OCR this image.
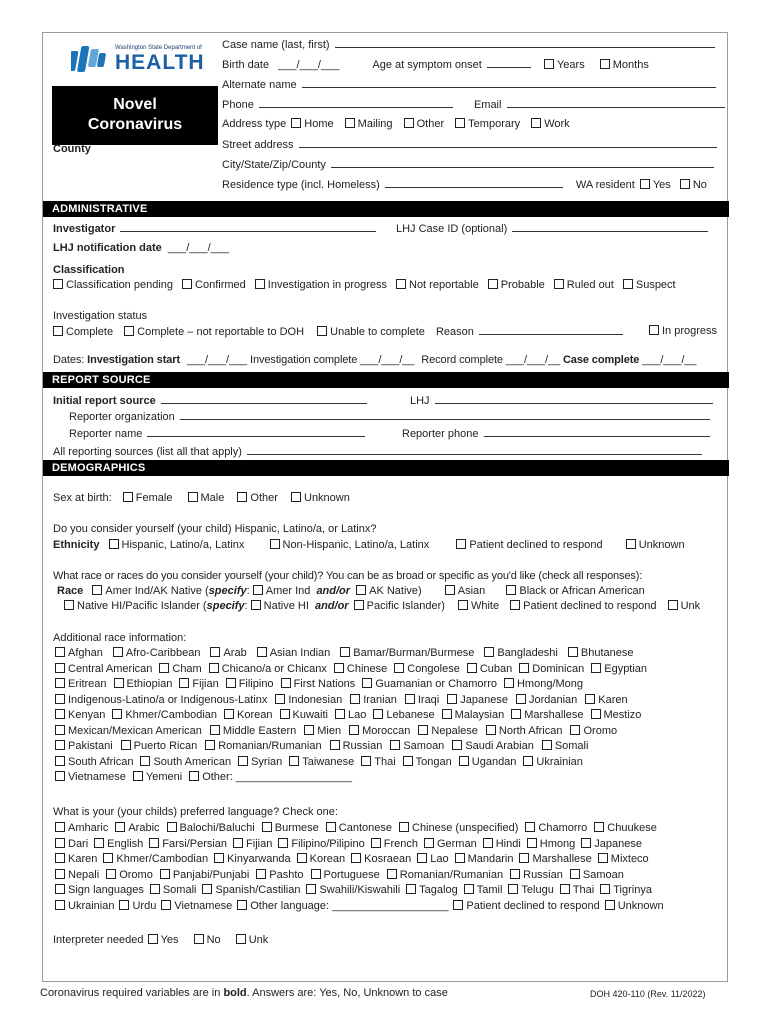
Washington State Department of
HEALTH
Novel
Coronavirus
County
Case name (last, first)
Birth date ___/___/___	Age at symptom onset	Years	Months
Alternate name
Phone	Email
Address type Home Mailing Other Temporary Work
Street address
City/State/Zip/County
Residence type (incl. Homeless)	WA resident Yes No
ADMINISTRATIVE
Investigator	LHJ Case ID (optional)
LHJ notification date ___/___/___
Classification
Classification pending Confirmed Investigation in progress Not reportable Probable Ruled out Suspect
Investigation status
Complete Complete – not reportable to DOH Unable to complete Reason	In progress
Dates: Investigation start ___/___/___ Investigation complete ___/___/__ Record complete ___/___/__ Case complete ___/___/__
REPORT SOURCE
Initial report source	LHJ
Reporter organization
Reporter name	Reporter phone
All reporting sources (list all that apply)
DEMOGRAPHICS
Sex at birth: Female	Male Other Unknown
Do you consider yourself (your child) Hispanic, Latino/a, or Latinx?
Ethnicity Hispanic, Latino/a, Latinx	Non-Hispanic, Latino/a, Latinx	Patient declined to respond	Unknown
What race or races do you consider yourself (your child)? You can be as broad or specific as you'd like (check all responses):
Race Amer Ind/AK Native (specify: Amer Ind and/or AK Native)	Asian	Black or African American
Native HI/Pacific Islander (specify: Native HI and/or Pacific Islander) White Patient declined to respond Unk
Additional race information:
Afghan Afro-Caribbean Arab Asian Indian Bamar/Burman/Burmese Bangladeshi Bhutanese
Central American Cham Chicano/a or Chicanx Chinese Congolese Cuban Dominican Egyptian
Eritrean Ethiopian Fijian Filipino First Nations Guamanian or Chamorro Hmong/Mong
Indigenous-Latino/a or Indigenous-Latinx Indonesian Iranian Iraqi Japanese Jordanian Karen
Kenyan Khmer/Cambodian Korean Kuwaiti Lao Lebanese Malaysian Marshallese Mestizo
Mexican/Mexican American Middle Eastern Mien Moroccan Nepalese North African Oromo
Pakistani Puerto Rican Romanian/Rumanian Russian Samoan Saudi Arabian Somali
South African South American Syrian Taiwanese Thai Tongan Ugandan Ukrainian
Vietnamese Yemeni Other: ___________________
What is your (your childs) preferred language? Check one:
Amharic Arabic Balochi/Baluchi Burmese Cantonese Chinese (unspecified) Chamorro Chuukese
Dari English Farsi/Persian Fijian Filipino/Pilipino French German Hindi Hmong Japanese
Karen Khmer/Cambodian Kinyarwanda Korean Kosraean Lao Mandarin Marshallese Mixteco
Nepali Oromo Panjabi/Punjabi Pashto Portuguese Romanian/Rumanian Russian Samoan
Sign languages Somali Spanish/Castilian Swahili/Kiswahili Tagalog Tamil Telugu Thai Tigrinya
Ukrainian Urdu Vietnamese Other language: ___________________ Patient declined to respond Unknown
Interpreter needed Yes	No	Unk
Coronavirus required variables are in bold. Answers are: Yes, No, Unknown to case	DOH 420-110 (Rev. 11/2022)
